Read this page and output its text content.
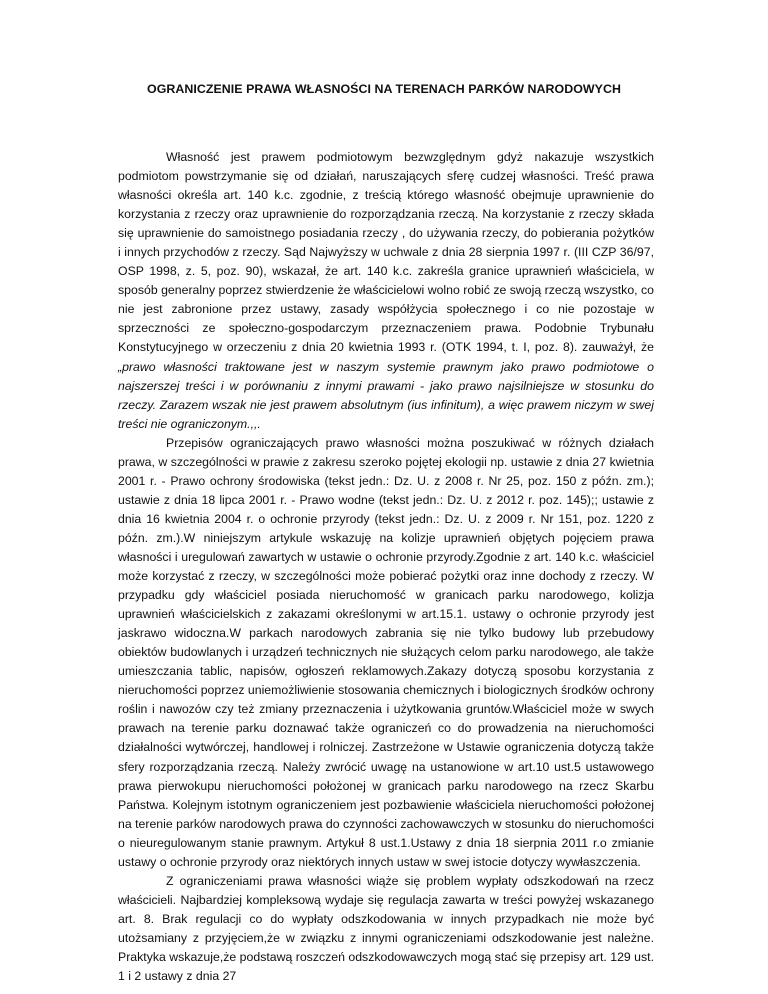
OGRANICZENIE PRAWA WŁASNOŚCI NA TERENACH PARKÓW NARODOWYCH

Własność jest prawem podmiotowym bezwzględnym gdyż nakazuje wszystkich podmiotom powstrzymanie się od działań, naruszających sferę cudzej własności. Treść prawa własności określa art. 140 k.c. zgodnie, z treścią którego własność obejmuje uprawnienie do korzystania z rzeczy oraz uprawnienie do rozporządzania rzeczą. Na korzystanie z rzeczy składa się uprawnienie do samoistnego posiadania rzeczy , do używania rzeczy, do pobierania pożytków i innych przychodów z rzeczy. Sąd Najwyższy w uchwale z dnia 28 sierpnia 1997 r. (III CZP 36/97, OSP 1998, z. 5, poz. 90), wskazał, że art. 140 k.c. zakreśla granice uprawnień właściciela, w sposób generalny poprzez stwierdzenie że właścicielowi wolno robić ze swoją rzeczą wszystko, co nie jest zabronione przez ustawy, zasady współżycia społecznego i co nie pozostaje w sprzeczności ze społeczno-gospodarczym przeznaczeniem prawa. Podobnie Trybunału Konstytucyjnego w orzeczeniu z dnia 20 kwietnia 1993 r. (OTK 1994, t. I, poz. 8). zauważył, że „prawo własności traktowane jest w naszym systemie prawnym jako prawo podmiotowe o najszerszej treści i w porównaniu z innymi prawami - jako prawo najsilniejsze w stosunku do rzeczy. Zarazem wszak nie jest prawem absolutnym (ius infinitum), a więc prawem niczym w swej treści nie ograniczonym.,,.

Przepisów ograniczających prawo własności można poszukiwać w różnych działach prawa, w szczególności w prawie z zakresu szeroko pojętej ekologii np. ustawie z dnia 27 kwietnia 2001 r. - Prawo ochrony środowiska (tekst jedn.: Dz. U. z 2008 r. Nr 25, poz. 150 z późn. zm.); ustawie z dnia 18 lipca 2001 r. - Prawo wodne (tekst jedn.: Dz. U. z 2012 r. poz. 145);; ustawie z dnia 16 kwietnia 2004 r. o ochronie przyrody (tekst jedn.: Dz. U. z 2009 r. Nr 151, poz. 1220 z późn. zm.).W niniejszym artykule wskazuję na kolizje uprawnień objętych pojęciem prawa własności i uregulowań zawartych w ustawie o ochronie przyrody.Zgodnie z art. 140 k.c. właściciel może korzystać z rzeczy, w szczególności może pobierać pożytki oraz inne dochody z rzeczy. W przypadku gdy właściciel posiada nieruchomość w granicach parku narodowego, kolizja uprawnień właścicielskich z zakazami określonymi w art.15.1. ustawy o ochronie przyrody jest jaskrawo widoczna.W parkach narodowych zabrania się nie tylko budowy lub przebudowy obiektów budowlanych i urządzeń technicznych nie służących celom parku narodowego, ale także umieszczania tablic, napisów, ogłoszeń reklamowych.Zakazy dotyczą sposobu korzystania z nieruchomości poprzez uniemożliwienie stosowania chemicznych i biologicznych środków ochrony roślin i nawozów czy też zmiany przeznaczenia i użytkowania gruntów.Właściciel może w swych prawach na terenie parku doznawać także ograniczeń co do prowadzenia na nieruchomości działalności wytwórczej, handlowej i rolniczej. Zastrzeżone w Ustawie ograniczenia dotyczą także sfery rozporządzania rzeczą. Należy zwrócić uwagę na ustanowione w art.10 ust.5 ustawowego prawa pierwokupu nieruchomości położonej w granicach parku narodowego na rzecz Skarbu Państwa. Kolejnym istotnym ograniczeniem jest pozbawienie właściciela nieruchomości położonej na terenie parków narodowych prawa do czynności zachowawczych w stosunku do nieruchomości o nieuregulowanym stanie prawnym. Artykuł 8 ust.1.Ustawy z dnia 18 sierpnia 2011 r.o zmianie ustawy o ochronie przyrody oraz niektórych innych ustaw w swej istocie dotyczy wywłaszczenia.

Z ograniczeniami prawa własności wiąże się problem wypłaty odszkodowań na rzecz właścicieli. Najbardziej kompleksową wydaje się regulacja zawarta w treści powyżej wskazanego art. 8. Brak regulacji co do wypłaty odszkodowania w innych przypadkach nie może być utożsamiany z przyjęciem,że w związku z innymi ograniczeniami odszkodowanie jest należne. Praktyka wskazuje,że podstawą roszczeń odszkodowawczych mogą stać się przepisy art. 129 ust. 1 i 2 ustawy z dnia 27
